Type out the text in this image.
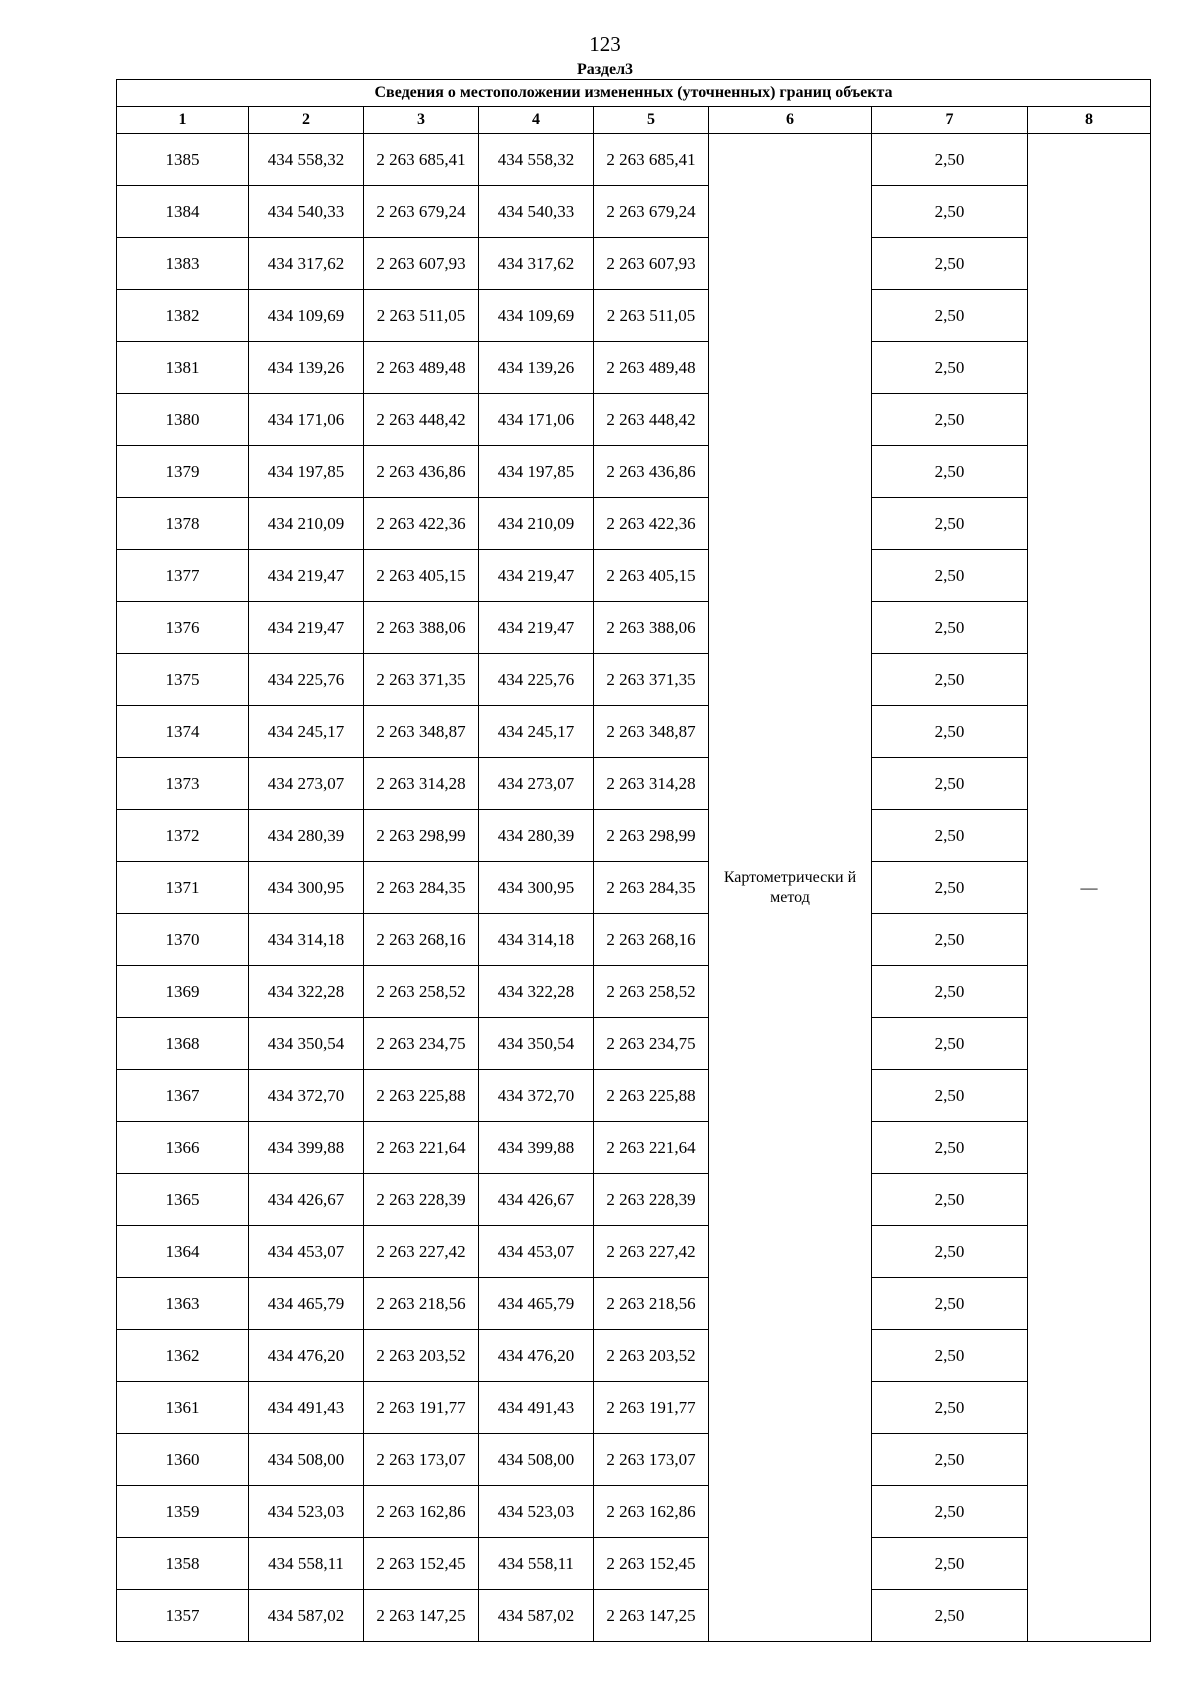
123
Раздел3
Сведения о местоположении измененных (уточненных) границ объекта							
1	2	3	4	5	6	7	8
1385	434 558,32	2 263 685,41	434 558,32	2 263 685,41	Картометрически й метод	2,50	—
1384	434 540,33	2 263 679,24	434 540,33	2 263 679,24		2,50	
1383	434 317,62	2 263 607,93	434 317,62	2 263 607,93		2,50	
1382	434 109,69	2 263 511,05	434 109,69	2 263 511,05		2,50	
1381	434 139,26	2 263 489,48	434 139,26	2 263 489,48		2,50	
1380	434 171,06	2 263 448,42	434 171,06	2 263 448,42		2,50	
1379	434 197,85	2 263 436,86	434 197,85	2 263 436,86		2,50	
1378	434 210,09	2 263 422,36	434 210,09	2 263 422,36		2,50	
1377	434 219,47	2 263 405,15	434 219,47	2 263 405,15		2,50	
1376	434 219,47	2 263 388,06	434 219,47	2 263 388,06		2,50	
1375	434 225,76	2 263 371,35	434 225,76	2 263 371,35		2,50	
1374	434 245,17	2 263 348,87	434 245,17	2 263 348,87		2,50	
1373	434 273,07	2 263 314,28	434 273,07	2 263 314,28		2,50	
1372	434 280,39	2 263 298,99	434 280,39	2 263 298,99		2,50	
1371	434 300,95	2 263 284,35	434 300,95	2 263 284,35		2,50	
1370	434 314,18	2 263 268,16	434 314,18	2 263 268,16		2,50	
1369	434 322,28	2 263 258,52	434 322,28	2 263 258,52		2,50	
1368	434 350,54	2 263 234,75	434 350,54	2 263 234,75		2,50	
1367	434 372,70	2 263 225,88	434 372,70	2 263 225,88		2,50	
1366	434 399,88	2 263 221,64	434 399,88	2 263 221,64		2,50	
1365	434 426,67	2 263 228,39	434 426,67	2 263 228,39		2,50	
1364	434 453,07	2 263 227,42	434 453,07	2 263 227,42		2,50	
1363	434 465,79	2 263 218,56	434 465,79	2 263 218,56		2,50	
1362	434 476,20	2 263 203,52	434 476,20	2 263 203,52		2,50	
1361	434 491,43	2 263 191,77	434 491,43	2 263 191,77		2,50	
1360	434 508,00	2 263 173,07	434 508,00	2 263 173,07		2,50	
1359	434 523,03	2 263 162,86	434 523,03	2 263 162,86		2,50	
1358	434 558,11	2 263 152,45	434 558,11	2 263 152,45		2,50	
1357	434 587,02	2 263 147,25	434 587,02	2 263 147,25		2,50	
